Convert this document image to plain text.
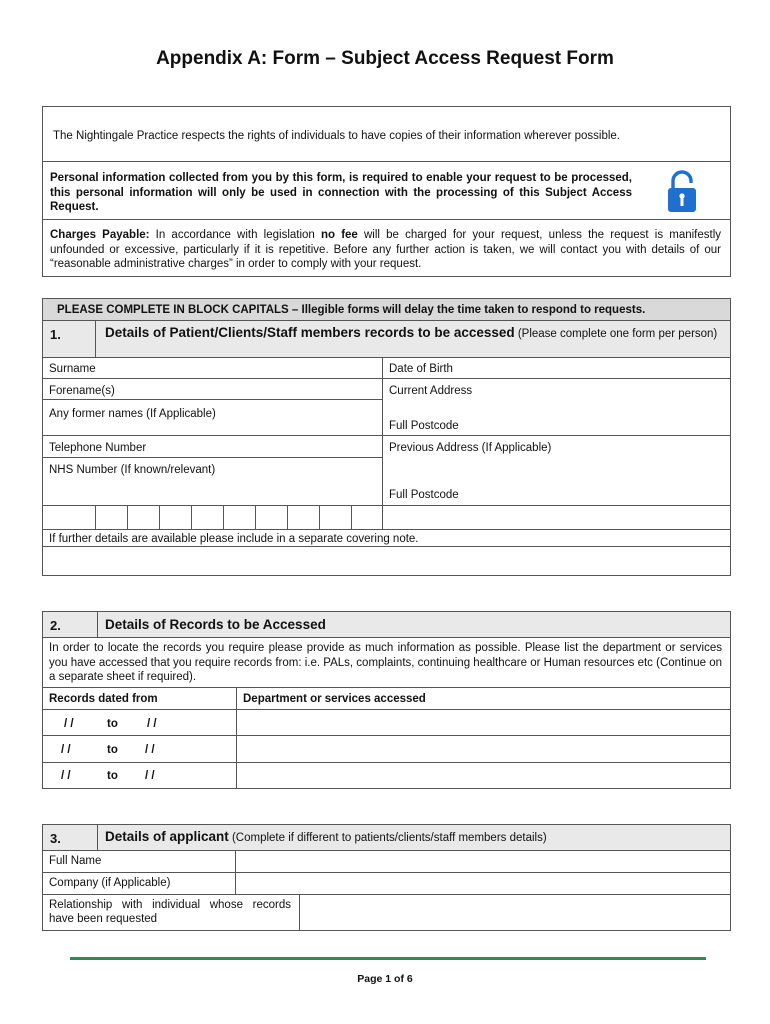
Appendix A: Form – Subject Access Request Form
The Nightingale Practice respects the rights of individuals to have copies of their information wherever possible.
Personal information collected from you by this form, is required to enable your request to be processed, this personal information will only be used in connection with the processing of this Subject Access Request.
Charges Payable: In accordance with legislation no fee will be charged for your request, unless the request is manifestly unfounded or excessive, particularly if it is repetitive. Before any further action is taken, we will contact you with details of our “reasonable administrative charges” in order to comply with your request.
PLEASE COMPLETE IN BLOCK CAPITALS – Illegible forms will delay the time taken to respond to requests.
1.	Details of Patient/Clients/Staff members records to be accessed (Please complete one form per person)
Surname	Date of Birth
Forename(s)	Current Address
Any former names (If Applicable)
Full Postcode
Telephone Number	Previous Address (If Applicable)
NHS Number (If known/relevant)
Full Postcode
If further details are available please include in a separate covering note.
2.	Details of Records to be Accessed
In order to locate the records you require please provide as much information as possible. Please list the department or services you have accessed that you require records from: i.e. PALs, complaints, continuing healthcare or Human resources etc (Continue on a separate sheet if required).
Records dated from	Department or services accessed
/ /	to	/ /
/ /	to / /
/ /	to / /
3.	Details of applicant (Complete if different to patients/clients/staff members details)
Full Name
Company (if Applicable)
Relationship with individual whose records have been requested
Page 1 of 6
